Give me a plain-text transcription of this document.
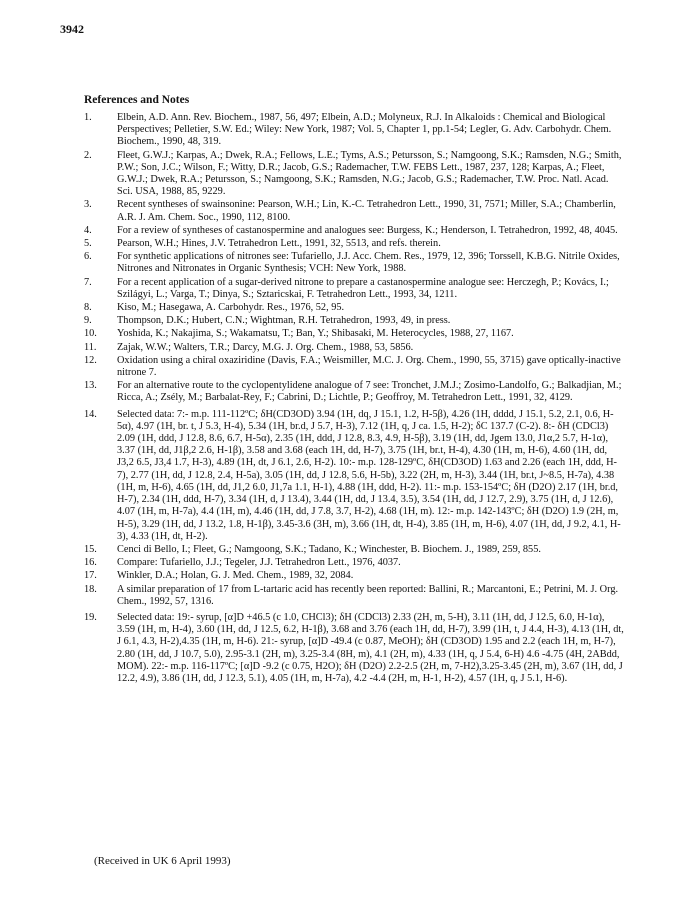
3942
References and Notes
1.	Elbein, A.D. Ann. Rev. Biochem., 1987, 56, 497; Elbein, A.D.; Molyneux, R.J. In Alkaloids : Chemical and Biological Perspectives; Pelletier, S.W. Ed.; Wiley: New York, 1987; Vol. 5, Chapter 1, pp.1-54; Legler, G. Adv. Carbohydr. Chem. Biochem., 1990, 48, 319.
2.	Fleet, G.W.J.; Karpas, A.; Dwek, R.A.; Fellows, L.E.; Tyms, A.S.; Petursson, S.; Namgoong, S.K.; Ramsden, N.G.; Smith, P.W.; Son, J.C.; Wilson, F.; Witty, D.R.; Jacob, G.S.; Rademacher, T.W. FEBS Lett., 1987, 237, 128; Karpas, A.; Fleet, G.W.J.; Dwek, R.A.; Petursson, S.; Namgoong, S.K.; Ramsden, N.G.; Jacob, G.S.; Rademacher, T.W. Proc. Natl. Acad. Sci. USA, 1988, 85, 9229.
3.	Recent syntheses of swainsonine: Pearson, W.H.; Lin, K.-C. Tetrahedron Lett., 1990, 31, 7571; Miller, S.A.; Chamberlin, A.R. J. Am. Chem. Soc., 1990, 112, 8100.
4.	For a review of syntheses of castanospermine and analogues see: Burgess, K.; Henderson, I. Tetrahedron, 1992, 48, 4045.
5.	Pearson, W.H.; Hines, J.V. Tetrahedron Lett., 1991, 32, 5513, and refs. therein.
6.	For synthetic applications of nitrones see: Tufariello, J.J. Acc. Chem. Res., 1979, 12, 396; Torssell, K.B.G. Nitrile Oxides, Nitrones and Nitronates in Organic Synthesis; VCH: New York, 1988.
7.	For a recent application of a sugar-derived nitrone to prepare a castanospermine analogue see: Herczegh, P.; Kovács, I.; Szilágyi, L.; Varga, T.; Dinya, S.; Sztaricskai, F. Tetrahedron Lett., 1993, 34, 1211.
8.	Kiso, M.; Hasegawa, A. Carbohydr. Res., 1976, 52, 95.
9.	Thompson, D.K.; Hubert, C.N.; Wightman, R.H. Tetrahedron, 1993, 49, in press.
10.	Yoshida, K.; Nakajima, S.; Wakamatsu, T.; Ban, Y.; Shibasaki, M. Heterocycles, 1988, 27, 1167.
11.	Zajak, W.W.; Walters, T.R.; Darcy, M.G. J. Org. Chem., 1988, 53, 5856.
12.	Oxidation using a chiral oxaziridine (Davis, F.A.; Weismiller, M.C. J. Org. Chem., 1990, 55, 3715) gave optically-inactive nitrone 7.
13.	For an alternative route to the cyclopentylidene analogue of 7 see: Tronchet, J.M.J.; Zosimo-Landolfo, G.; Balkadjian, M.; Ricca, A.; Zsély, M.; Barbalat-Rey, F.; Cabrini, D.; Lichtle, P.; Geoffroy, M. Tetrahedron Lett., 1991, 32, 4129.
14.	Selected data: 7:- m.p. 111-112ºC; δH(CD3OD) 3.94 (1H, dq, J 15.1, 1.2, H-5β), 4.26 (1H, dddd, J 15.1, 5.2, 2.1, 0.6, H-5α), 4.97 (1H, br. t, J 5.3, H-4), 5.34 (1H, br.d, J 5.7, H-3), 7.12 (1H, q, J ca. 1.5, H-2); δC 137.7 (C-2). 8:- δH (CDCl3) 2.09 (1H, ddd, J 12.8, 8.6, 6.7, H-5α), 2.35 (1H, ddd, J 12.8, 8.3, 4.9, H-5β), 3.19 (1H, dd, Jgem 13.0, J1α,2 5.7, H-1α), 3.37 (1H, dd, J1β,2 2.6, H-1β), 3.58 and 3.68 (each 1H, dd, H-7), 3.75 (1H, br.t, H-4), 4.30 (1H, m, H-6), 4.60 (1H, dd, J3,2 6.5, J3,4 1.7, H-3), 4.89 (1H, dt, J 6.1, 2.6, H-2). 10:- m.p. 128-129ºC, δH(CD3OD) 1.63 and 2.26 (each 1H, ddd, H-7), 2.77 (1H, dd, J 12.8, 2.4, H-5a), 3.05 (1H, dd, J 12.8, 5.6, H-5b), 3.22 (2H, m, H-3), 3.44 (1H, br.t, J~8.5, H-7a), 4.38 (1H, m, H-6), 4.65 (1H, dd, J1,2 6.0, J1,7a 1.1, H-1), 4.88 (1H, ddd, H-2). 11:- m.p. 153-154ºC; δH (D2O) 2.17 (1H, br.d, H-7), 2.34 (1H, ddd, H-7), 3.34 (1H, d, J 13.4), 3.44 (1H, dd, J 13.4, 3.5), 3.54 (1H, dd, J 12.7, 2.9), 3.75 (1H, d, J 12.6), 4.07 (1H, m, H-7a), 4.4 (1H, m), 4.46 (1H, dd, J 7.8, 3.7, H-2), 4.68 (1H, m). 12:- m.p. 142-143ºC; δH (D2O) 1.9 (2H, m, H-5), 3.29 (1H, dd, J 13.2, 1.8, H-1β), 3.45-3.6 (3H, m), 3.66 (1H, dt, H-4), 3.85 (1H, m, H-6), 4.07 (1H, dd, J 9.2, 4.1, H-3), 4.33 (1H, dt, H-2).
15.	Cenci di Bello, I.; Fleet, G.; Namgoong, S.K.; Tadano, K.; Winchester, B. Biochem. J., 1989, 259, 855.
16.	Compare: Tufariello, J.J.; Tegeler, J.J. Tetrahedron Lett., 1976, 4037.
17.	Winkler, D.A.; Holan, G. J. Med. Chem., 1989, 32, 2084.
18.	A similar preparation of 17 from L-tartaric acid has recently been reported: Ballini, R.; Marcantoni, E.; Petrini, M. J. Org. Chem., 1992, 57, 1316.
19.	Selected data: 19:- syrup, [α]D +46.5 (c 1.0, CHCl3); δH (CDCl3) 2.33 (2H, m, 5-H), 3.11 (1H, dd, J 12.5, 6.0, H-1α), 3.59 (1H, m, H-4), 3.60 (1H, dd, J 12.5, 6.2, H-1β), 3.68 and 3.76 (each 1H, dd, H-7), 3.99 (1H, t, J 4.4, H-3), 4.13 (1H, dt, J 6.1, 4.3, H-2),4.35 (1H, m, H-6). 21:- syrup, [α]D -49.4 (c 0.87, MeOH); δH (CD3OD) 1.95 and 2.2 (each 1H, m, H-7), 2.80 (1H, dd, J 10.7, 5.0), 2.95-3.1 (2H, m), 3.25-3.4 (8H, m), 4.1 (2H, m), 4.33 (1H, q, J 5.4, 6-H) 4.6 -4.75 (4H, 2ABdd, MOM). 22:- m.p. 116-117ºC; [α]D -9.2 (c 0.75, H2O); δH (D2O) 2.2-2.5 (2H, m, 7-H2),3.25-3.45 (2H, m), 3.67 (1H, dd, J 12.2, 4.9), 3.86 (1H, dd, J 12.3, 5.1), 4.05 (1H, m, H-7a), 4.2 -4.4 (2H, m, H-1, H-2), 4.57 (1H, q, J 5.1, H-6).
(Received in UK 6 April 1993)
